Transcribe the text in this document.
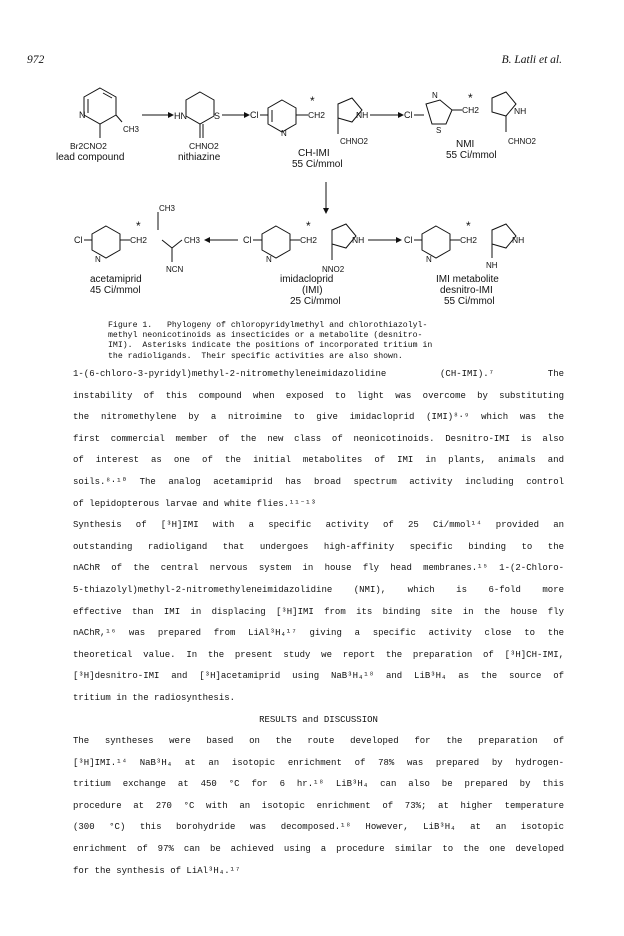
972	B. Latli et al.
N
CH3
Br2CNO2
lead compound
HN	S
CHNO2
nithiazine
Cl	CH2
*
N
NH
CHNO2
CH-IMI
55 Ci/mmol
Cl
N
S
CH2
*
NH
NMI
55 Ci/mmol
CHNO2
Cl	CH2
*
CH3
CH3
N
NCN
acetamiprid
45 Ci/mmol
Cl	CH2
*
N
NH
NNO2
imidacloprid
(IMI)
25 Ci/mmol
Cl	CH2
*
N
NH
NH
IMI metabolite
desnitro-IMI
55 Ci/mmol
Figure 1.   Phylogeny of chloropyridylmethyl and chlorothiazolyl-
methyl neonicotinoids as insecticides or a metabolite (desnitro-
IMI).  Asterisks indicate the positions of incorporated tritium in
the radioligands.  Their specific activities are also shown.
1-(6-chloro-3-pyridyl)methyl-2-nitromethyleneimidazolidine (CH-IMI).⁷ The
instability of this compound when exposed to light was overcome by substituting
the nitromethylene by a nitroimine to give imidacloprid (IMI)⁸·⁹ which was the
first commercial member of the new class of neonicotinoids. Desnitro-IMI is also
of interest as one of the initial metabolites of IMI in plants, animals and
soils.⁸·¹⁰ The analog acetamiprid has broad spectrum activity including control
of lepidopterous larvae and white flies.¹¹⁻¹³
Synthesis of [³H]IMI with a specific activity of 25 Ci/mmol¹⁴ provided an
outstanding radioligand that undergoes high-affinity specific binding to the
nAChR of the central nervous system in house fly head membranes.¹⁵ 1-(2-Chloro-
5-thiazolyl)methyl-2-nitromethyleneimidazolidine (NMI), which is 6-fold more
effective than IMI in displacing [³H]IMI from its binding site in the house fly
nAChR,¹⁶ was prepared from LiAl³H₄¹⁷ giving a specific activity close to the
theoretical value. In the present study we report the preparation of [³H]CH-IMI,
[³H]desnitro-IMI and [³H]acetamiprid using NaB³H₄¹⁸ and LiB³H₄ as the source of
tritium in the radiosynthesis.
RESULTS and DISCUSSION
The syntheses were based on the route developed for the preparation of
[³H]IMI.¹⁴ NaB³H₄ at an isotopic enrichment of 78% was prepared by hydrogen-
tritium exchange at 450 °C for 6 hr.¹⁸ LiB³H₄ can also be prepared by this
procedure at 270 °C with an isotopic enrichment of 73%; at higher temperature
(300 °C) this borohydride was decomposed.¹⁸ However, LiB³H₄ at an isotopic
enrichment of 97% can be achieved using a procedure similar to the one developed
for the synthesis of LiAl³H₄.¹⁷
